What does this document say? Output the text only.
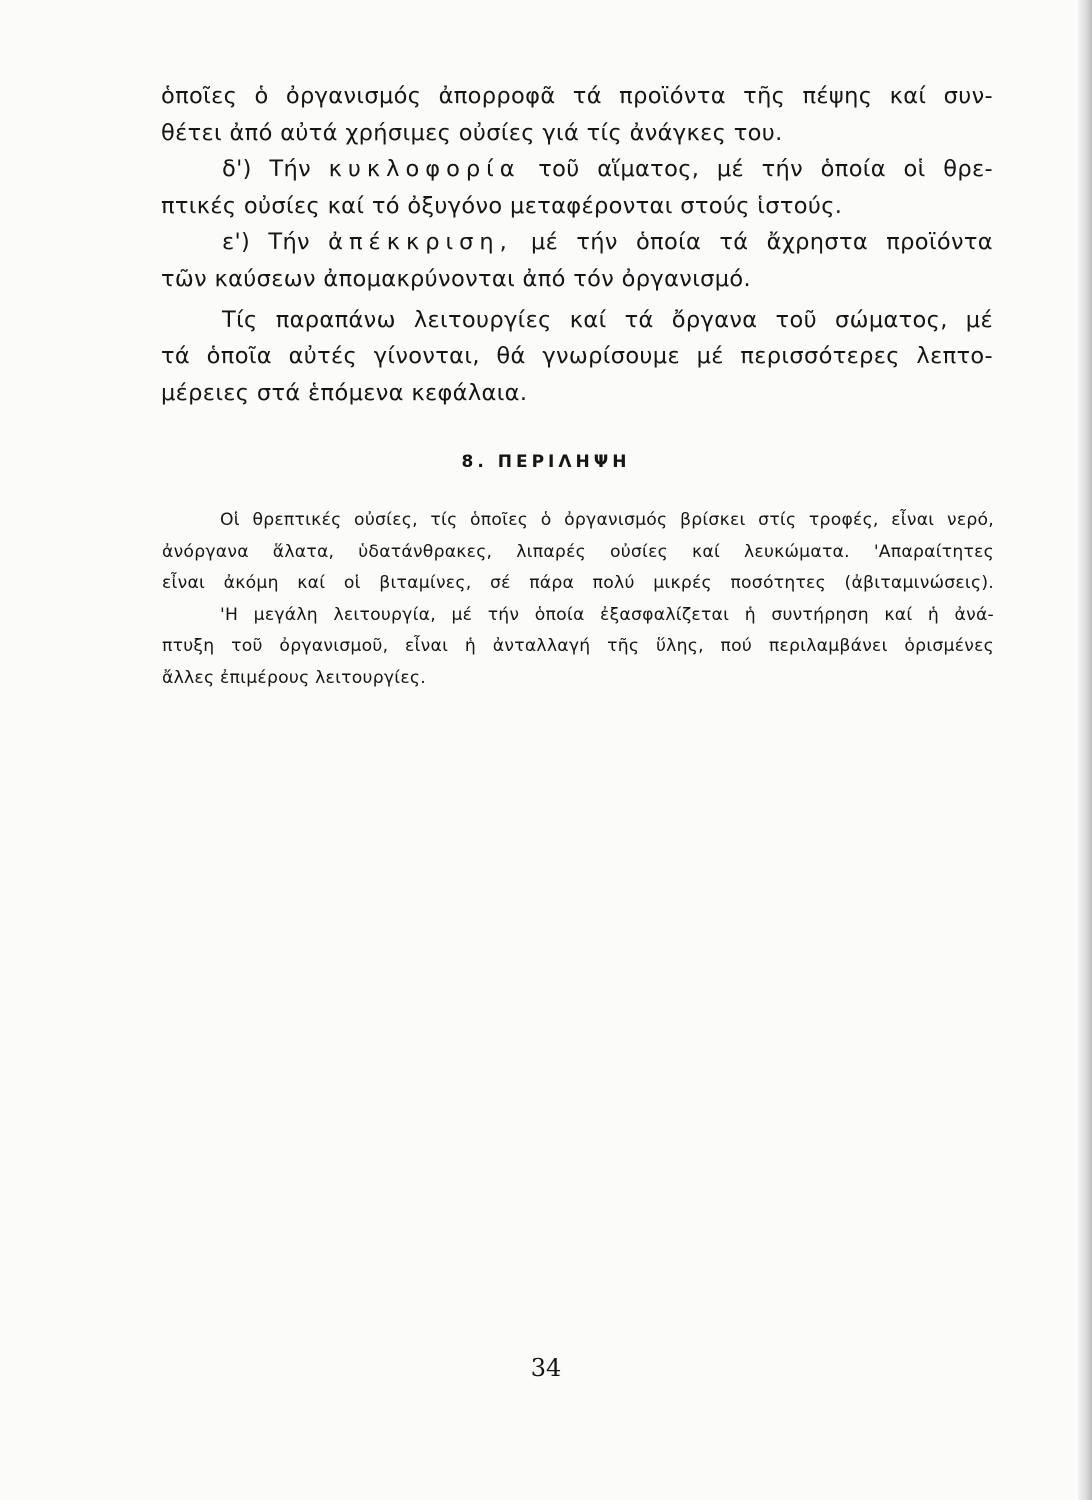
ὁποῖες ὁ ὀργανισμός ἀπορροφᾶ τά προϊόντα τῆς πέψης καί συν-
θέτει ἀπό αὐτά χρήσιμες οὐσίες γιά τίς ἀνάγκες του.
δ') Τήν κυκλοφορία τοῦ αἵματος, μέ τήν ὁποία οἱ θρε-
πτικές οὐσίες καί τό ὀξυγόνο μεταφέρονται στούς ἱστούς.
ε') Τήν ἀπέκκριση, μέ τήν ὁποία τά ἄχρηστα προϊόντα
τῶν καύσεων ἀπομακρύνονται ἀπό τόν ὀργανισμό.
Τίς παραπάνω λειτουργίες καί τά ὄργανα τοῦ σώματος, μέ
τά ὁποῖα αὐτές γίνονται, θά γνωρίσουμε μέ περισσότερες λεπτο-
μέρειες στά ἑπόμενα κεφάλαια.
8. ΠΕΡΙΛΗΨΗ
Οἱ θρεπτικές οὐσίες, τίς ὁποῖες ὁ ὀργανισμός βρίσκει στίς τροφές, εἶναι νερό,
ἀνόργανα ἅλατα, ὑδατάνθρακες, λιπαρές οὐσίες καί λευκώματα. 'Απαραίτητες
εἶναι ἀκόμη καί οἱ βιταμίνες, σέ πάρα πολύ μικρές ποσότητες (ἀβιταμινώσεις).
'Η μεγάλη λειτουργία, μέ τήν ὁποία ἐξασφαλίζεται ἡ συντήρηση καί ἡ ἀνά-
πτυξη τοῦ ὀργανισμοῦ, εἶναι ἡ ἀνταλλαγή τῆς ὕλης, πού περιλαμβάνει ὁρισμένες
ἄλλες ἐπιμέρους λειτουργίες.
34
